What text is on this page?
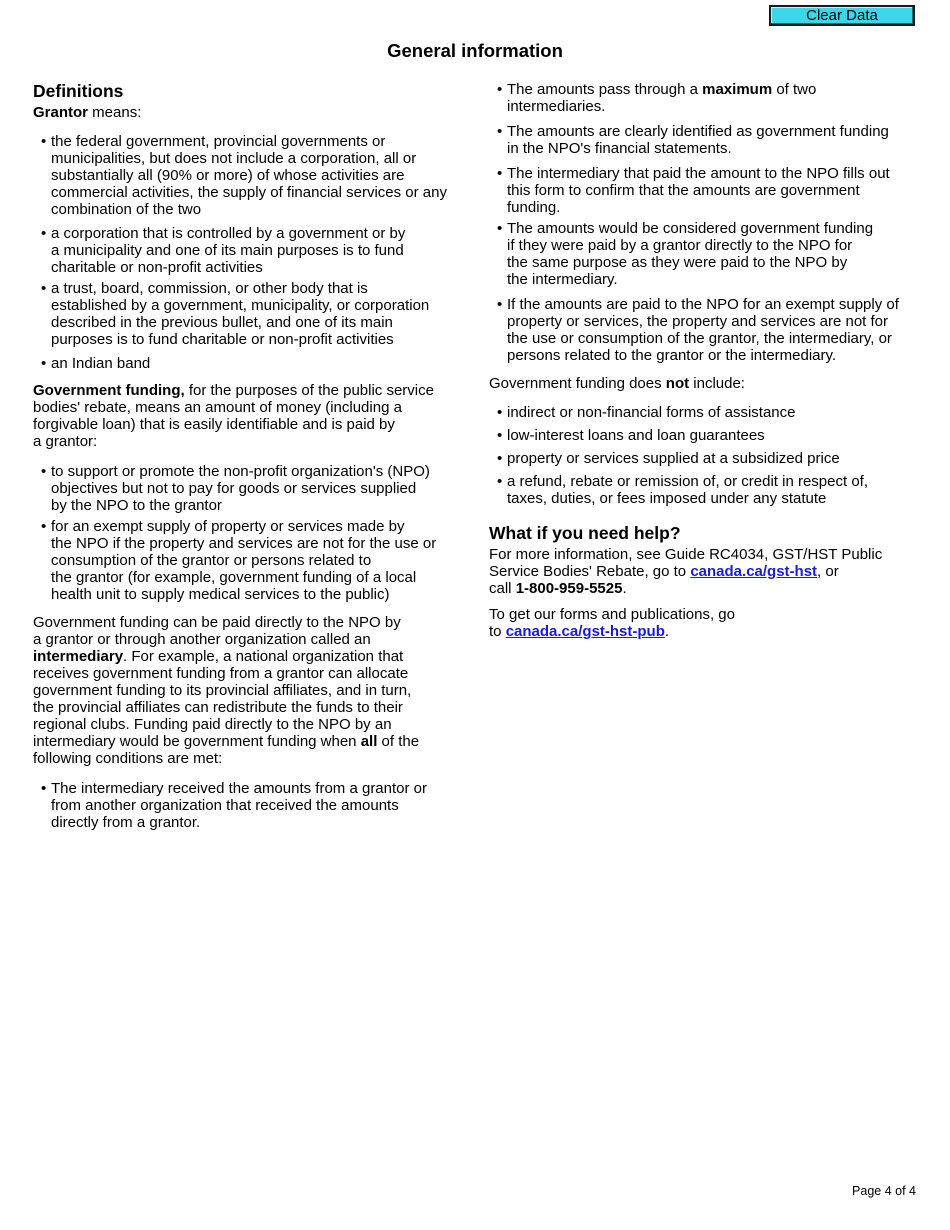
Clear Data
General information
Definitions

Grantor means:

• the federal government, provincial governments or
municipalities, but does not include a corporation, all or
substantially all (90% or more) of whose activities are
commercial activities, the supply of financial services or any
combination of the two
• a corporation that is controlled by a government or by
a municipality and one of its main purposes is to fund
charitable or non-profit activities
• a trust, board, commission, or other body that is
established by a government, municipality, or corporation
described in the previous bullet, and one of its main
purposes is to fund charitable or non-profit activities
• an Indian band

Government funding, for the purposes of the public service
bodies' rebate, means an amount of money (including a
forgivable loan) that is easily identifiable and is paid by
a grantor:

• to support or promote the non-profit organization's (NPO)
objectives but not to pay for goods or services supplied
by the NPO to the grantor
• for an exempt supply of property or services made by
the NPO if the property and services are not for the use or
consumption of the grantor or persons related to
the grantor (for example, government funding of a local
health unit to supply medical services to the public)

Government funding can be paid directly to the NPO by
a grantor or through another organization called an
intermediary. For example, a national organization that
receives government funding from a grantor can allocate
government funding to its provincial affiliates, and in turn,
the provincial affiliates can redistribute the funds to their
regional clubs. Funding paid directly to the NPO by an
intermediary would be government funding when all of the
following conditions are met:

• The intermediary received the amounts from a grantor or
from another organization that received the amounts
directly from a grantor.
• The amounts pass through a maximum of two
intermediaries.
• The amounts are clearly identified as government funding
in the NPO's financial statements.
• The intermediary that paid the amount to the NPO fills out
this form to confirm that the amounts are government
funding.
• The amounts would be considered government funding
if they were paid by a grantor directly to the NPO for
the same purpose as they were paid to the NPO by
the intermediary.
• If the amounts are paid to the NPO for an exempt supply of
property or services, the property and services are not for
the use or consumption of the grantor, the intermediary, or
persons related to the grantor or the intermediary.

Government funding does not include:

• indirect or non-financial forms of assistance
• low-interest loans and loan guarantees
• property or services supplied at a subsidized price
• a refund, rebate or remission of, or credit in respect of,
taxes, duties, or fees imposed under any statute
What if you need help?

For more information, see Guide RC4034, GST/HST Public
Service Bodies' Rebate, go to canada.ca/gst-hst, or
call 1-800-959-5525.

To get our forms and publications, go
to canada.ca/gst-hst-pub.

Page 4 of 4
